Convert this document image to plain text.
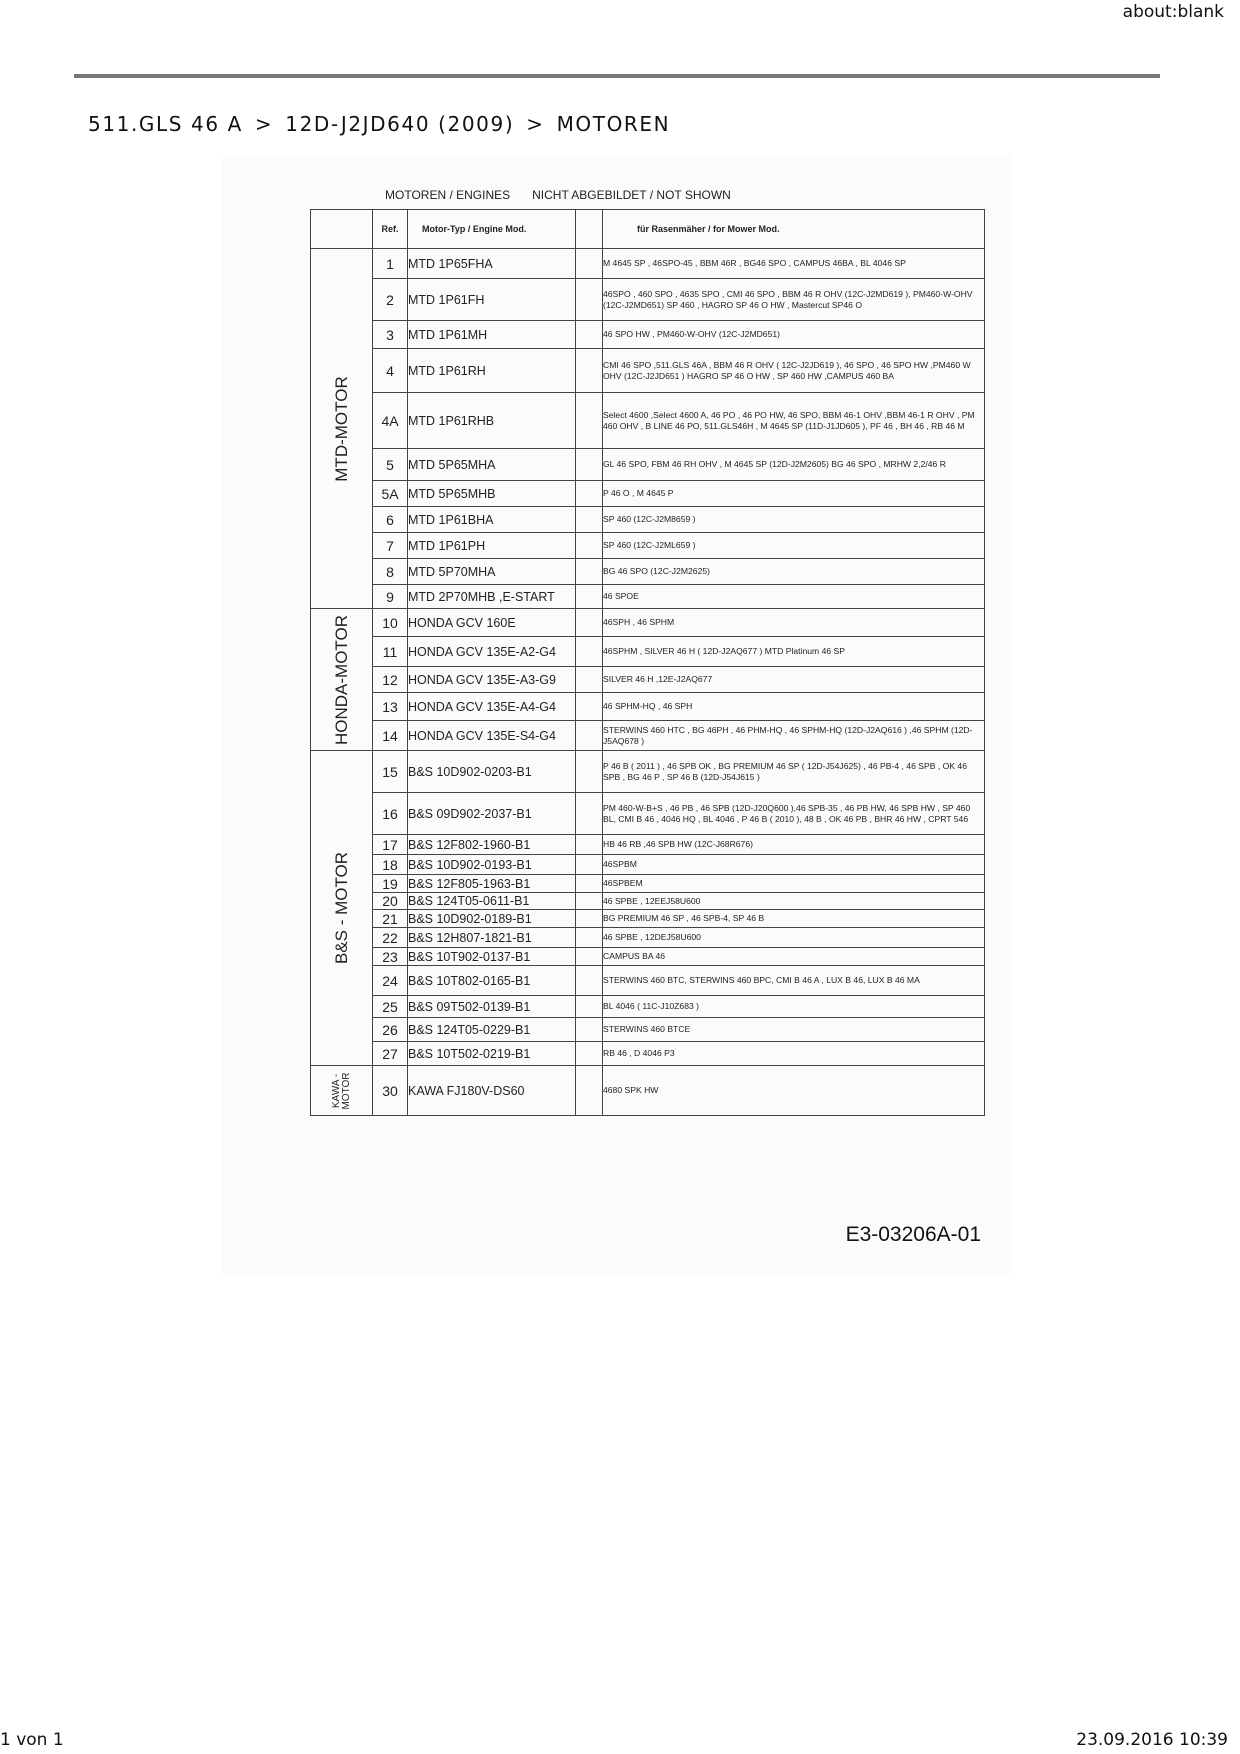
about:blank
511.GLS 46 A > 12D-J2JD640 (2009) > MOTOREN
MOTOREN / ENGINES NICHT ABGEBILDET / NOT SHOWN
	Ref.	Motor-Typ / Engine Mod.		für Rasenmäher / for Mower Mod.

MTD-MOTOR	1	MTD 1P65FHA		M 4645 SP , 46SPO-45 , BBM 46R , BG46 SPO , CAMPUS 46BA , BL 4046 SP
	2	MTD 1P61FH		46SPO , 460 SPO , 4635 SPO , CMI 46 SPO , BBM 46 R OHV (12C-J2MD619 ), PM460-W-OHV (12C-J2MD651) SP 460 , HAGRO SP 46 O HW , Mastercut SP46 O
	3	MTD 1P61MH		46 SPO HW , PM460-W-OHV (12C-J2MD651)
	4	MTD 1P61RH		CMI 46 SPO ,511.GLS 46A , BBM 46 R OHV ( 12C-J2JD619 ), 46 SPO , 46 SPO HW ,PM460 W OHV (12C-J2JD651 ) HAGRO SP 46 O HW , SP 460 HW ,CAMPUS 460 BA
	4A	MTD 1P61RHB		Select 4600 ,Select 4600 A, 46 PO , 46 PO HW, 46 SPO, BBM 46-1 OHV ,BBM 46-1 R OHV , PM 460 OHV , B LINE 46 PO, 511.GLS46H , M 4645 SP (11D-J1JD605 ), PF 46 , BH 46 , RB 46 M
	5	MTD 5P65MHA		GL 46 SPO, FBM 46 RH OHV , M 4645 SP (12D-J2M2605) BG 46 SPO , MRHW 2,2/46 R
	5A	MTD 5P65MHB		P 46 O , M 4645 P
	6	MTD 1P61BHA		SP 460 (12C-J2M8659 )
	7	MTD 1P61PH		SP 460 (12C-J2ML659 )
	8	MTD 5P70MHA		BG 46 SPO (12C-J2M2625)
	9	MTD 2P70MHB ,E-START		46 SPOE

HONDA-MOTOR	10	HONDA GCV 160E		46SPH , 46 SPHM
	11	HONDA GCV 135E-A2-G4		46SPHM , SILVER 46 H ( 12D-J2AQ677 ) MTD Platinum 46 SP
	12	HONDA GCV 135E-A3-G9		SILVER 46 H ,12E-J2AQ677
	13	HONDA GCV 135E-A4-G4		46 SPHM-HQ , 46 SPH
	14	HONDA GCV 135E-S4-G4		STERWINS 460 HTC , BG 46PH , 46 PHM-HQ , 46 SPHM-HQ (12D-J2AQ616 ) ,46 SPHM (12D-J5AQ678 )

B&S - MOTOR	15	B&S 10D902-0203-B1		P 46 B ( 2011 ) , 46 SPB OK , BG PREMIUM 46 SP ( 12D-J54J625) , 46 PB-4 , 46 SPB , OK 46 SPB , BG 46 P , SP 46 B (12D-J54J615 )
	16	B&S 09D902-2037-B1		PM 460-W-B+S , 46 PB , 46 SPB (12D-J20Q600 ),46 SPB-35 , 46 PB HW, 46 SPB HW , SP 460 BL, CMI B 46 , 4046 HQ , BL 4046 , P 46 B ( 2010 ), 48 B , OK 46 PB , BHR 46 HW , CPRT 546
	17	B&S 12F802-1960-B1		HB 46 RB ,46 SPB HW (12C-J68R676)
	18	B&S 10D902-0193-B1		46SPBM
	19	B&S 12F805-1963-B1		46SPBEM
	20	B&S 124T05-0611-B1		46 SPBE , 12EEJ58U600
	21	B&S 10D902-0189-B1		BG PREMIUM 46 SP , 46 SPB-4, SP 46 B
	22	B&S 12H807-1821-B1		46 SPBE , 12DEJ58U600
	23	B&S 10T902-0137-B1		CAMPUS BA 46
	24	B&S 10T802-0165-B1		STERWINS 460 BTC, STERWINS 460 BPC, CMI B 46 A , LUX B 46, LUX B 46 MA
	25	B&S 09T502-0139-B1		BL 4046 ( 11C-J10Z683 )
	26	B&S 124T05-0229-B1		STERWINS 460 BTCE
	27	B&S 10T502-0219-B1		RB 46 , D 4046 P3

KAWA - MOTOR	30	KAWA FJ180V-DS60		4680 SPK HW
E3-03206A-01
1 von 1	23.09.2016 10:39
